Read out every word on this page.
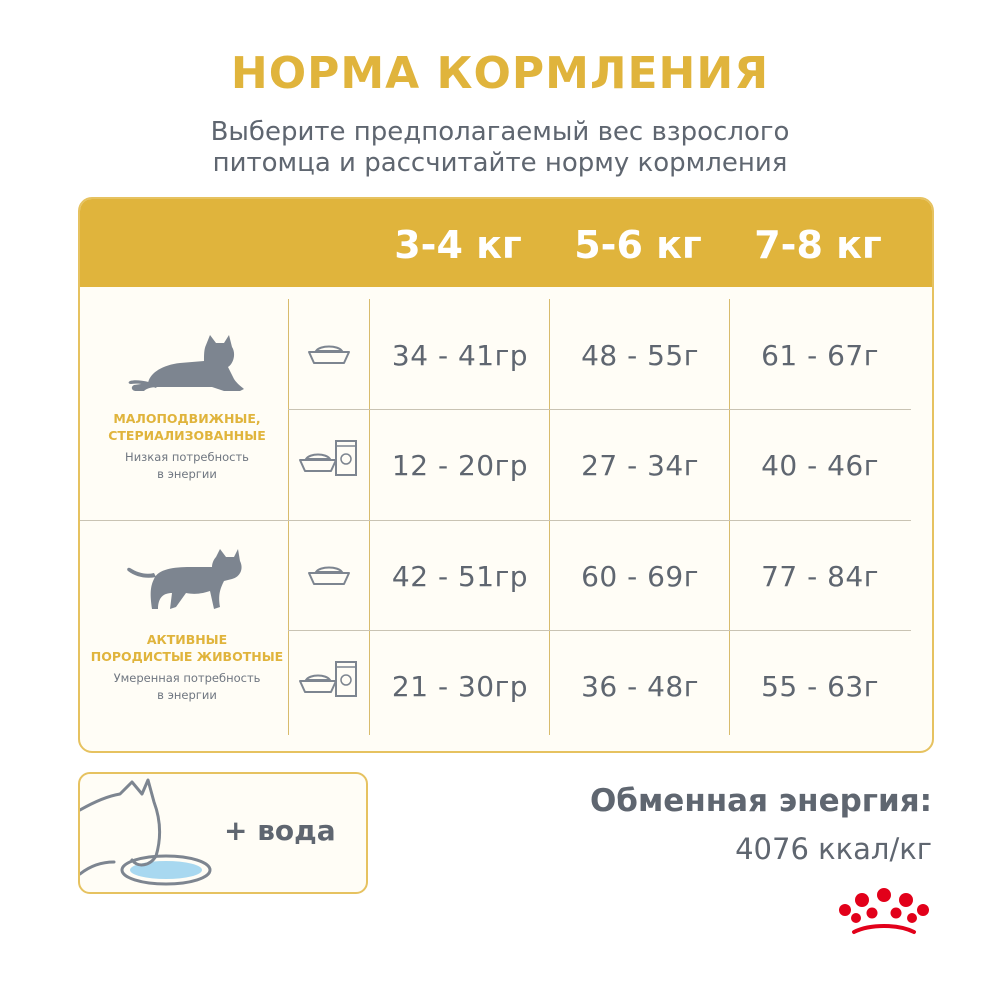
НОРМА КОРМЛЕНИЯ
Выберите предполагаемый вес взрослого
питомца и рассчитайте норму кормления
3-4 кг	5-6 кг	7-8 кг
МАЛОПОДВИЖНЫЕ,
СТЕРИАЛИЗОВАННЫЕ
Низкая потребность
в энергии
АКТИВНЫЕ
ПОРОДИСТЫЕ ЖИВОТНЫЕ
Умеренная потребность
в энергии
34 - 41гр	48 - 55г	61 - 67г
12 - 20гр	27 - 34г	40 - 46г
42 - 51гр	60 - 69г	77 - 84г
21 - 30гр	36 - 48г	55 - 63г
+ вода
Обменная энергия:
4076 ккал/кг
